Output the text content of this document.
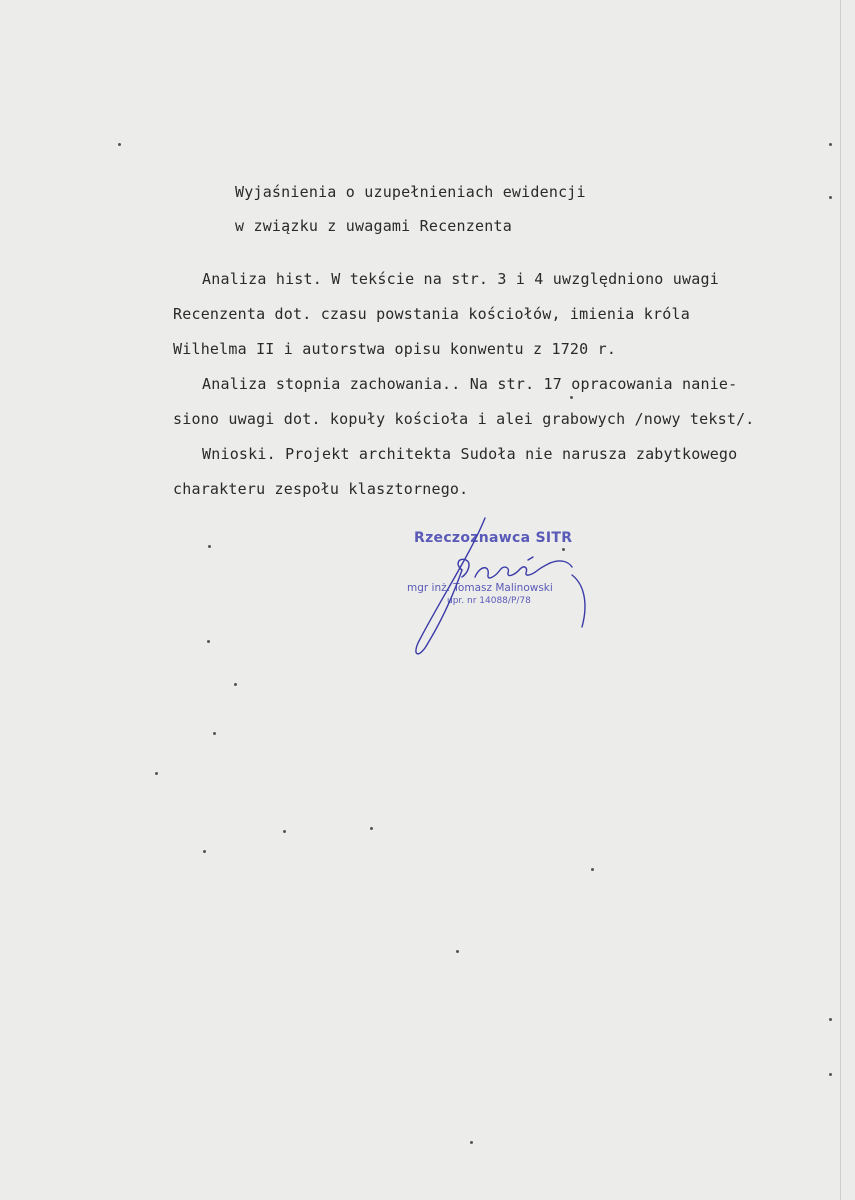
Wyjaśnienia o uzupełnieniach ewidencji
w związku z uwagami Recenzenta
Analiza hist. W tekście na str. 3 i 4 uwzględniono uwagi
Recenzenta dot. czasu powstania kościołów, imienia króla
Wilhelma II i autorstwa opisu konwentu z 1720 r.
Analiza stopnia zachowania.. Na str. 17 opracowania nanie-
siono uwagi dot. kopuły kościoła i alei grabowych /nowy tekst/.
Wnioski. Projekt architekta Sudoła nie narusza zabytkowego
charakteru zespołu klasztornego.
Rzeczoznawca SITR
mgr inż. Tomasz Malinowski
upr. nr 14088/P/78
